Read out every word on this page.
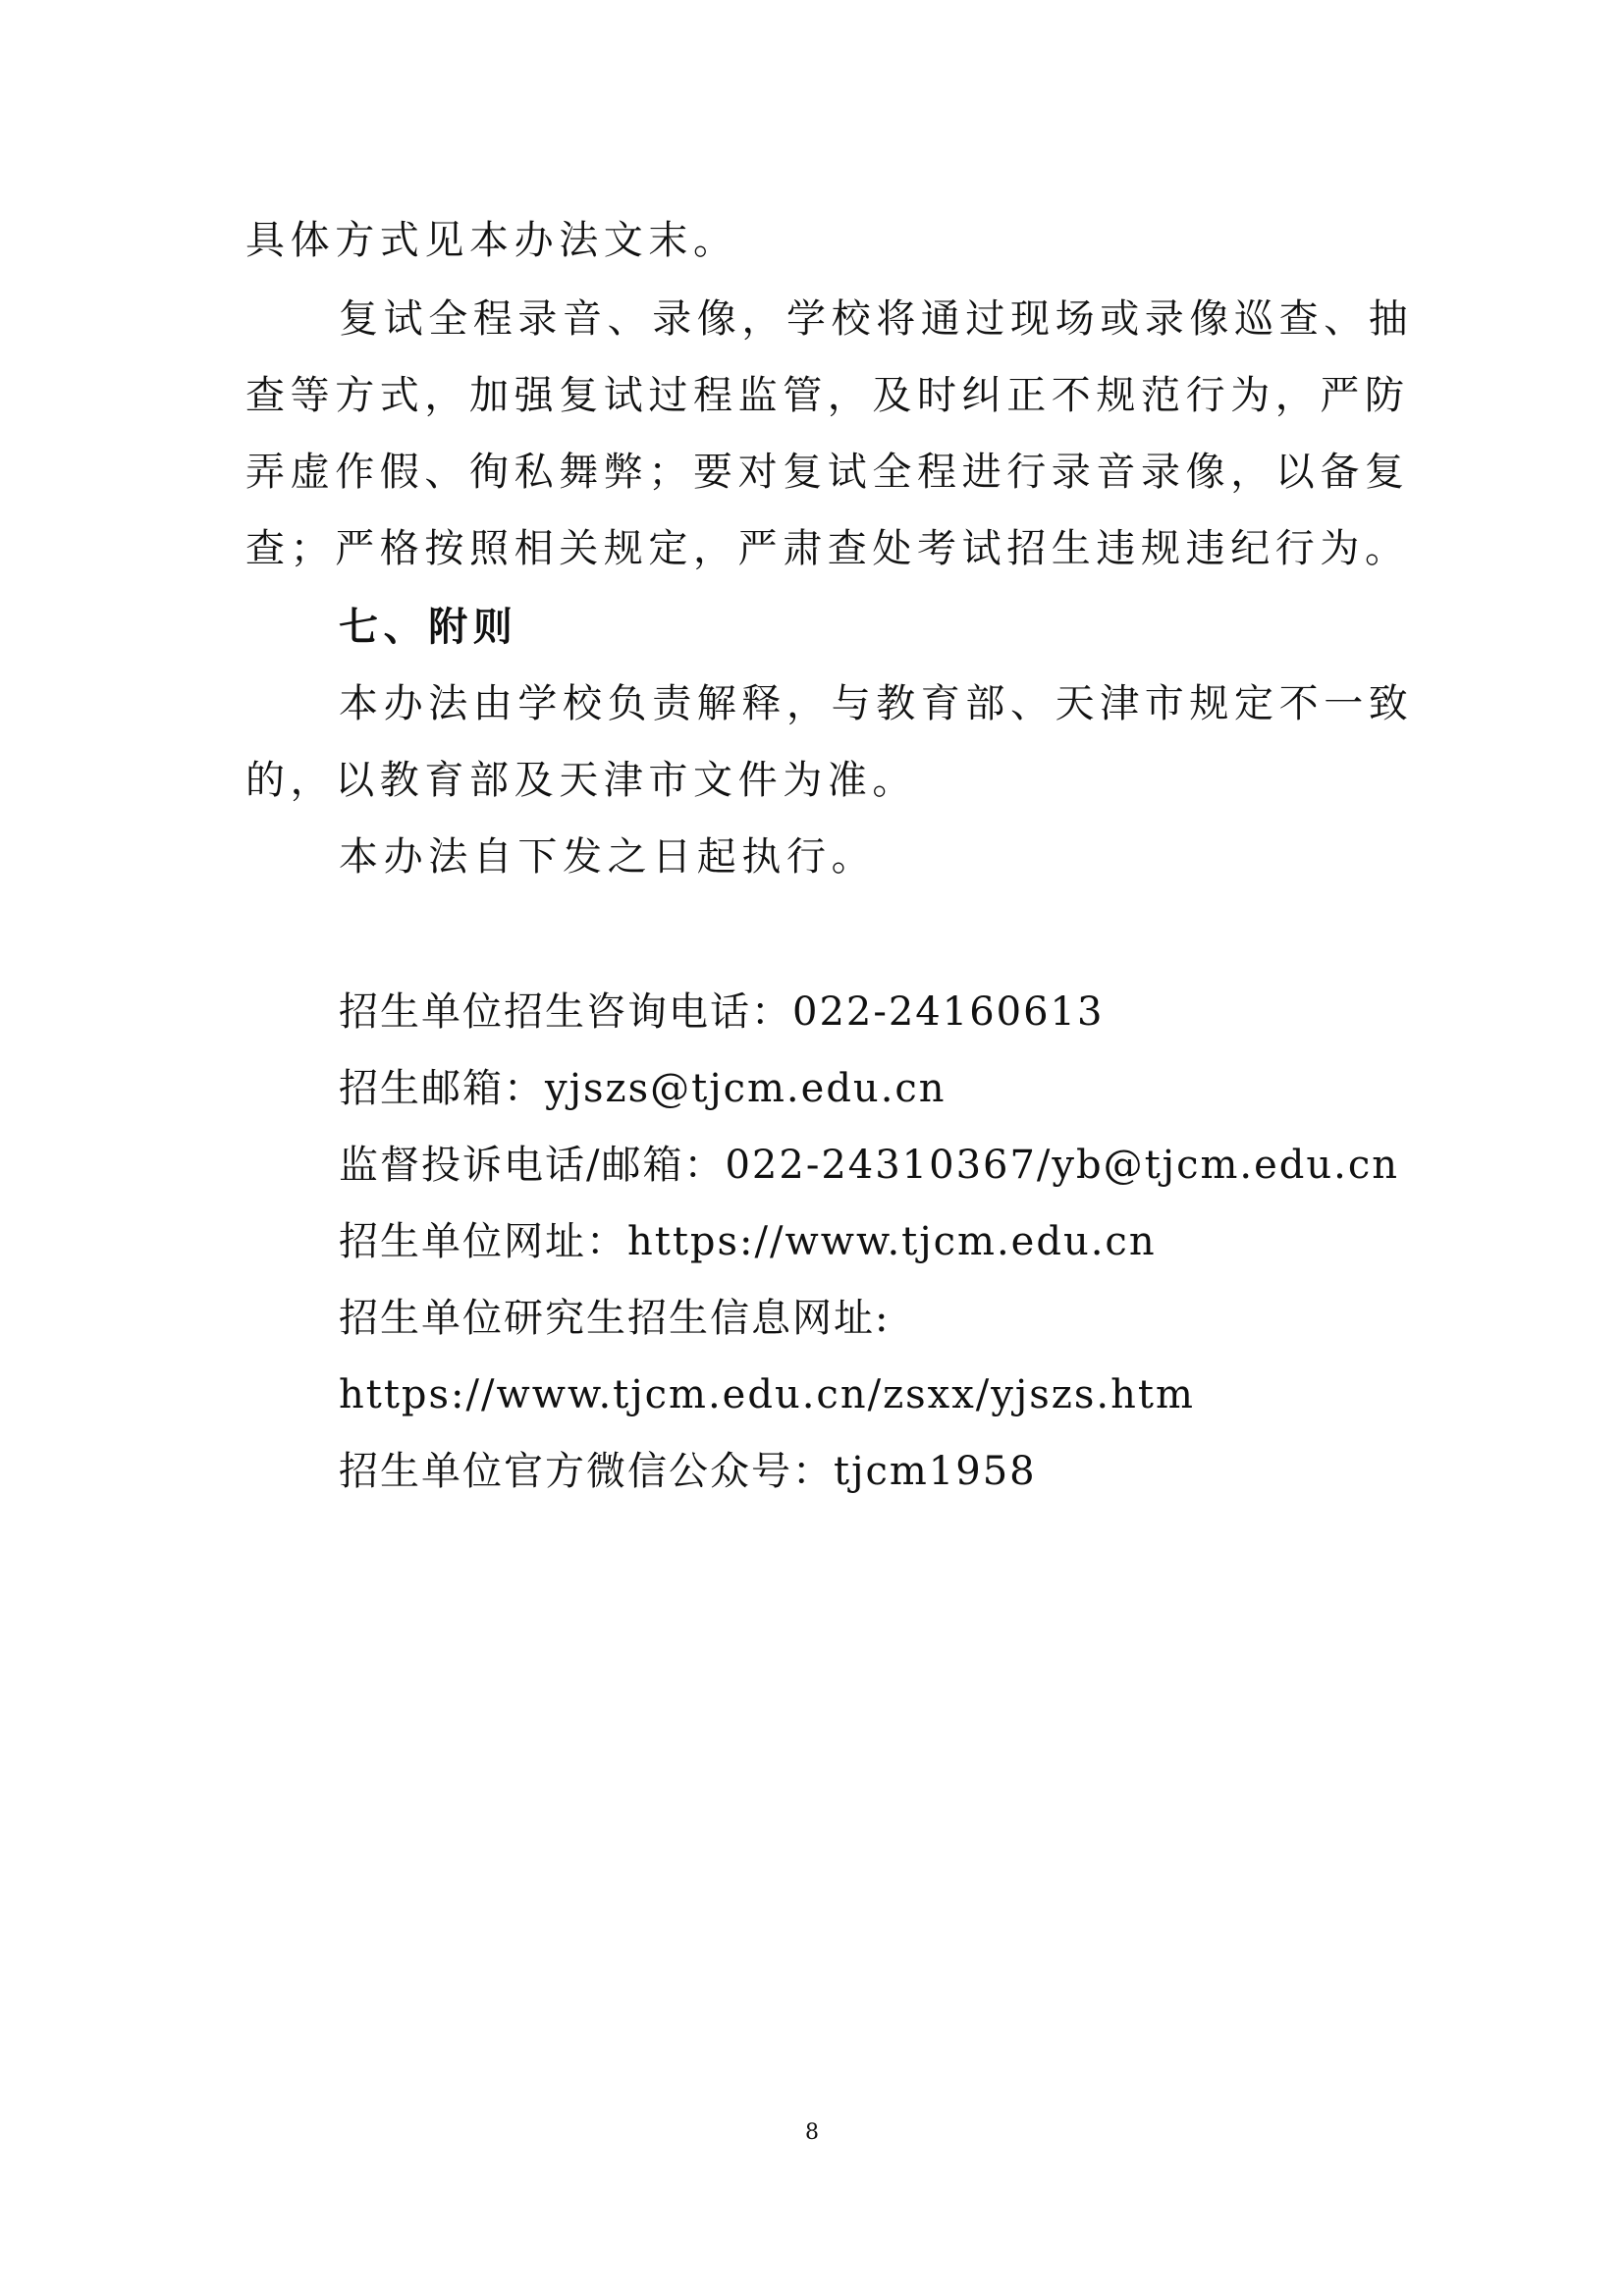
具体方式见本办法文末。
复试全程录音、录像，学校将通过现场或录像巡查、抽
查等方式，加强复试过程监管，及时纠正不规范行为，严防
弄虚作假、徇私舞弊；要对复试全程进行录音录像，以备复
查；严格按照相关规定，严肃查处考试招生违规违纪行为。
七、附则
本办法由学校负责解释，与教育部、天津市规定不一致
的，以教育部及天津市文件为准。
本办法自下发之日起执行。
招生单位招生咨询电话：022-24160613
招生邮箱：yjszs@tjcm.edu.cn
监督投诉电话/邮箱：022-24310367/yb@tjcm.edu.cn
招生单位网址：https://www.tjcm.edu.cn
招生单位研究生招生信息网址:
https://www.tjcm.edu.cn/zsxx/yjszs.htm
招生单位官方微信公众号：tjcm1958
8
